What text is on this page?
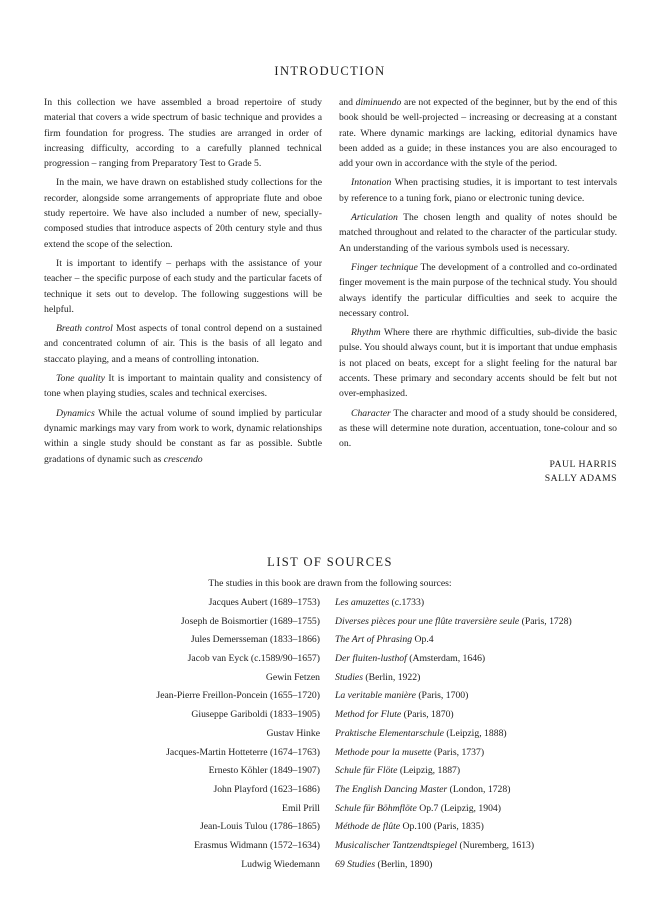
INTRODUCTION

In this collection we have assembled a broad repertoire of study material that covers a wide spectrum of basic technique and provides a firm foundation for progress. The studies are arranged in order of increasing difficulty, according to a carefully planned technical progression – ranging from Preparatory Test to Grade 5.

In the main, we have drawn on established study collections for the recorder, alongside some arrangements of appropriate flute and oboe study repertoire. We have also included a number of new, specially-composed studies that introduce aspects of 20th century style and thus extend the scope of the selection.

It is important to identify – perhaps with the assistance of your teacher – the specific purpose of each study and the particular facets of technique it sets out to develop. The following suggestions will be helpful.

Breath control Most aspects of tonal control depend on a sustained and concentrated column of air. This is the basis of all legato and staccato playing, and a means of controlling intonation.

Tone quality It is important to maintain quality and consistency of tone when playing studies, scales and technical exercises.

Dynamics While the actual volume of sound implied by particular dynamic markings may vary from work to work, dynamic relationships within a single study should be constant as far as possible. Subtle gradations of dynamic such as crescendo

and diminuendo are not expected of the beginner, but by the end of this book should be well-projected – increasing or decreasing at a constant rate. Where dynamic markings are lacking, editorial dynamics have been added as a guide; in these instances you are also encouraged to add your own in accordance with the style of the period.

Intonation When practising studies, it is important to test intervals by reference to a tuning fork, piano or electronic tuning device.

Articulation The chosen length and quality of notes should be matched throughout and related to the character of the particular study. An understanding of the various symbols used is necessary.

Finger technique The development of a controlled and co-ordinated finger movement is the main purpose of the technical study. You should always identify the particular difficulties and seek to acquire the necessary control.

Rhythm Where there are rhythmic difficulties, sub-divide the basic pulse. You should always count, but it is important that undue emphasis is not placed on beats, except for a slight feeling for the natural bar accents. These primary and secondary accents should be felt but not over-emphasized.

Character The character and mood of a study should be considered, as these will determine note duration, accentuation, tone-colour and so on.

PAUL HARRIS
SALLY ADAMS
LIST OF SOURCES
The studies in this book are drawn from the following sources:
Jacques Aubert (1689–1753) Les amuzettes (c.1733)
Joseph de Boismortier (1689–1755) Diverses pièces pour une flûte traversière seule (Paris, 1728)
Jules Demersseman (1833–1866) The Art of Phrasing Op.4
Jacob van Eyck (c.1589/90–1657) Der fluiten-lusthof (Amsterdam, 1646)
Gewin Fetzen Studies (Berlin, 1922)
Jean-Pierre Freillon-Poncein (1655–1720) La veritable manière (Paris, 1700)
Giuseppe Gariboldi (1833–1905) Method for Flute (Paris, 1870)
Gustav Hinke Praktische Elementarschule (Leipzig, 1888)
Jacques-Martin Hotteterre (1674–1763) Methode pour la musette (Paris, 1737)
Ernesto Köhler (1849–1907) Schule für Flöte (Leipzig, 1887)
John Playford (1623–1686) The English Dancing Master (London, 1728)
Emil Prill Schule für Böhmflöte Op.7 (Leipzig, 1904)
Jean-Louis Tulou (1786–1865) Méthode de flûte Op.100 (Paris, 1835)
Erasmus Widmann (1572–1634) Musicalischer Tantzendtspiegel (Nuremberg, 1613)
Ludwig Wiedemann 69 Studies (Berlin, 1890)
